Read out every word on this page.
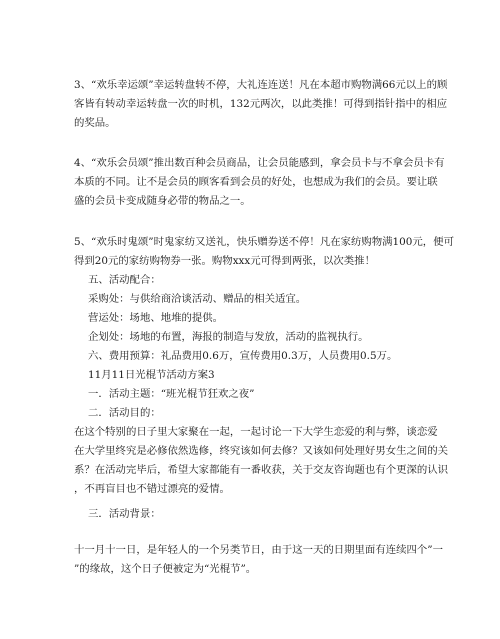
3、“欢乐幸运颂”幸运转盘转不停，大礼连连送！凡在本超市购物满66元以上的顾
客皆有转动幸运转盘一次的时机，132元两次，以此类推！可得到指针指中的相应
的奖品。
4、“欢乐会员颂”推出数百种会员商品，让会员能感到，拿会员卡与不拿会员卡有
本质的不同。让不是会员的顾客看到会员的好处，也想成为我们的会员。要让联
盛的会员卡变成随身必带的物品之一。
5、“欢乐时鬼颂”时鬼家纺又送礼，快乐赠券送不停！凡在家纺购物满100元，便可
得到20元的家纺购物券一张。购物xxx元可得到两张，以次类推！
五、活动配合：
采购处：与供给商洽谈活动、赠品的相关适宜。
营运处：场地、地堆的提供。
企划处：场地的布置，海报的制造与发放，活动的监视执行。
六、费用预算：礼品费用0.6万，宣传费用0.3万，人员费用0.5万。
11月11日光棍节活动方案3
一．活动主题：“班光棍节狂欢之夜”
二．活动目的：
在这个特别的日子里大家聚在一起，一起讨论一下大学生恋爱的利与弊，谈恋爱
在大学里终究是必修依然选修，终究该如何去修？又该如何处理好男女生之间的关
系？在活动完毕后，希望大家都能有一番收获，关于交友咨询题也有个更深的认识
，不再盲目也不错过漂亮的爱情。
三．活动背景：
十一月十一日，是年轻人的一个另类节日，由于这一天的日期里面有连续四个”一
”的缘故，这个日子便被定为“光棍节”。
